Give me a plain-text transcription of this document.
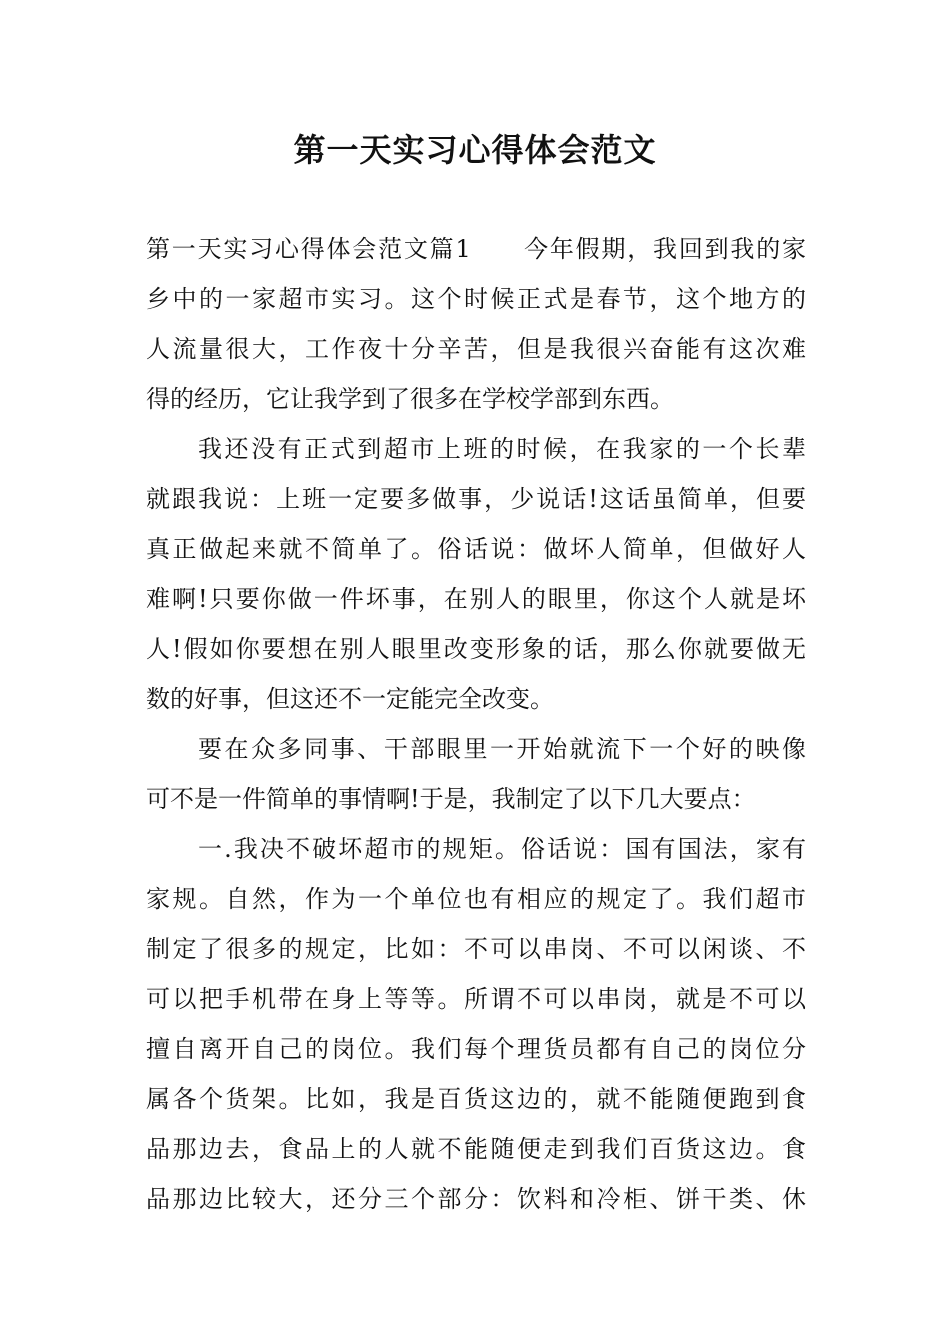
第一天实习心得体会范文
第一天实习心得体会范文篇1　　今年假期，我回到我的家
乡中的一家超市实习。这个时候正式是春节，这个地方的
人流量很大，工作夜十分辛苦，但是我很兴奋能有这次难
得的经历，它让我学到了很多在学校学部到东西。
我还没有正式到超市上班的时候，在我家的一个长辈
就跟我说：上班一定要多做事，少说话!这话虽简单，但要
真正做起来就不简单了。俗话说：做坏人简单，但做好人
难啊!只要你做一件坏事，在别人的眼里，你这个人就是坏
人!假如你要想在别人眼里改变形象的话，那么你就要做无
数的好事，但这还不一定能完全改变。
要在众多同事、干部眼里一开始就流下一个好的映像
可不是一件简单的事情啊!于是，我制定了以下几大要点：
一.我决不破坏超市的规矩。俗话说：国有国法，家有
家规。自然，作为一个单位也有相应的规定了。我们超市
制定了很多的规定，比如：不可以串岗、不可以闲谈、不
可以把手机带在身上等等。所谓不可以串岗，就是不可以
擅自离开自己的岗位。我们每个理货员都有自己的岗位分
属各个货架。比如，我是百货这边的，就不能随便跑到食
品那边去，食品上的人就不能随便走到我们百货这边。食
品那边比较大，还分三个部分：饮料和冷柜、饼干类、休
